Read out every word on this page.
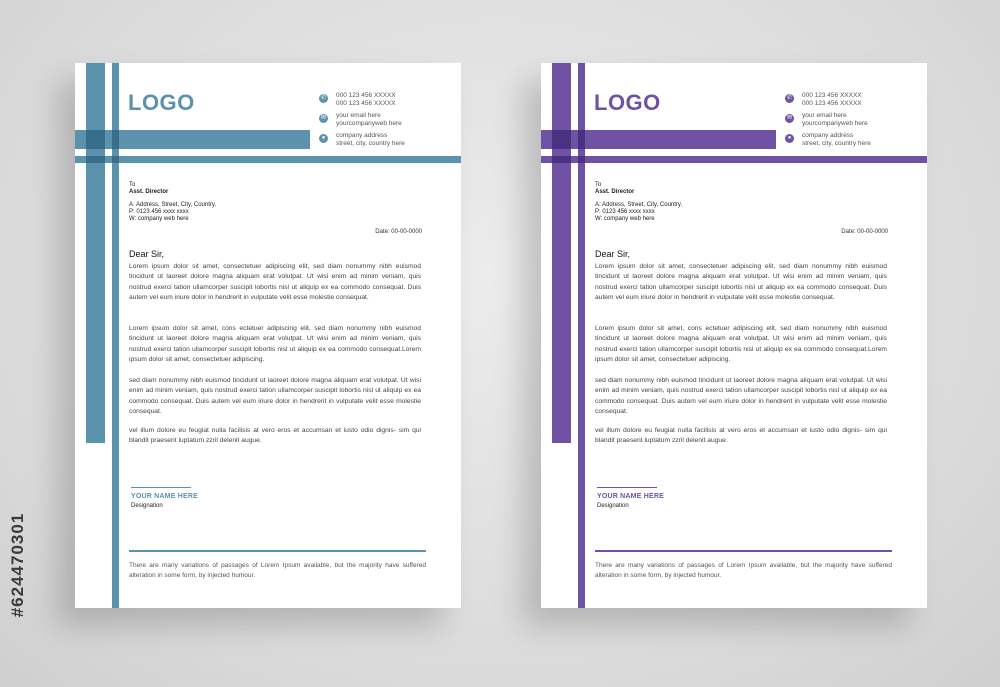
#624470301
LOGO	✆	000 123 456 XXXXX
000 123 456 XXXXX
✉	your email here
yourcompanyweb here
●	company address
street, city, country here
To
Asst. Director
A: Address, Street, City, Country.
P: 0123 456 xxxx xxxx
W: company web here
Date: 00-00-0000
Dear Sir,
Lorem ipsum dolor sit amet, consectetuer adipiscing elit, sed diam nonummy nibh euismod tincidunt ut laoreet dolore magna aliquam erat volutpat. Ut wisi enim ad minim veniam, quis nostrud exerci tation ullamcorper suscipit lobortis nisl ut aliquip ex ea commodo consequat. Duis autem vel eum iriure dolor in hendrerit in vulputate velit esse molestie consequat.
Lorem ipsum dolor sit amet, cons ectetuer adipiscing elit, sed diam nonummy nibh euismod tincidunt ut laoreet dolore magna aliquam erat volutpat. Ut wisi enim ad minim veniam, quis nostrud exerci tation ullamcorper suscipit lobortis nisl ut aliquip ex ea commodo consequat.Lorem ipsum dolor sit amet, consectetuer adipiscing.
sed diam nonummy nibh euismod tincidunt ut laoreet dolore magna aliquam erat volutpat. Ut wisi enim ad minim veniam, quis nostrud exerci tation ullamcorper suscipit lobortis nisl ut aliquip ex ea commodo consequat. Duis autem vel eum iriure dolor in hendrerit in vulputate velit esse molestie consequat.
vel illum dolore eu feugiat nulla facilisis at vero eros et accumsan et iusto odio dignis- sim qui blandit praesent luptatum zzril delenit augue.
YOUR NAME HERE
Designation
There are many variations of passages of Lorem Ipsum available, but the majority have suffered alteration in some form, by injected humour.
LOGO	✆	000 123 456 XXXXX
000 123 456 XXXXX
✉	your email here
yourcompanyweb here
●	company address
street, city, country here
To
Asst. Director
A: Address, Street, City, Country.
P: 0123 456 xxxx xxxx
W: company web here
Date: 00-00-0000
Dear Sir,
Lorem ipsum dolor sit amet, consectetuer adipiscing elit, sed diam nonummy nibh euismod tincidunt ut laoreet dolore magna aliquam erat volutpat. Ut wisi enim ad minim veniam, quis nostrud exerci tation ullamcorper suscipit lobortis nisl ut aliquip ex ea commodo consequat. Duis autem vel eum iriure dolor in hendrerit in vulputate velit esse molestie consequat.
Lorem ipsum dolor sit amet, cons ectetuer adipiscing elit, sed diam nonummy nibh euismod tincidunt ut laoreet dolore magna aliquam erat volutpat. Ut wisi enim ad minim veniam, quis nostrud exerci tation ullamcorper suscipit lobortis nisl ut aliquip ex ea commodo consequat.Lorem ipsum dolor sit amet, consectetuer adipiscing.
sed diam nonummy nibh euismod tincidunt ut laoreet dolore magna aliquam erat volutpat. Ut wisi enim ad minim veniam, quis nostrud exerci tation ullamcorper suscipit lobortis nisl ut aliquip ex ea commodo consequat. Duis autem vel eum iriure dolor in hendrerit in vulputate velit esse molestie consequat.
vel illum dolore eu feugiat nulla facilisis at vero eros et accumsan et iusto odio dignis- sim qui blandit praesent luptatum zzril delenit augue.
YOUR NAME HERE
Designation
There are many variations of passages of Lorem Ipsum available, but the majority have suffered alteration in some form, by injected humour.
